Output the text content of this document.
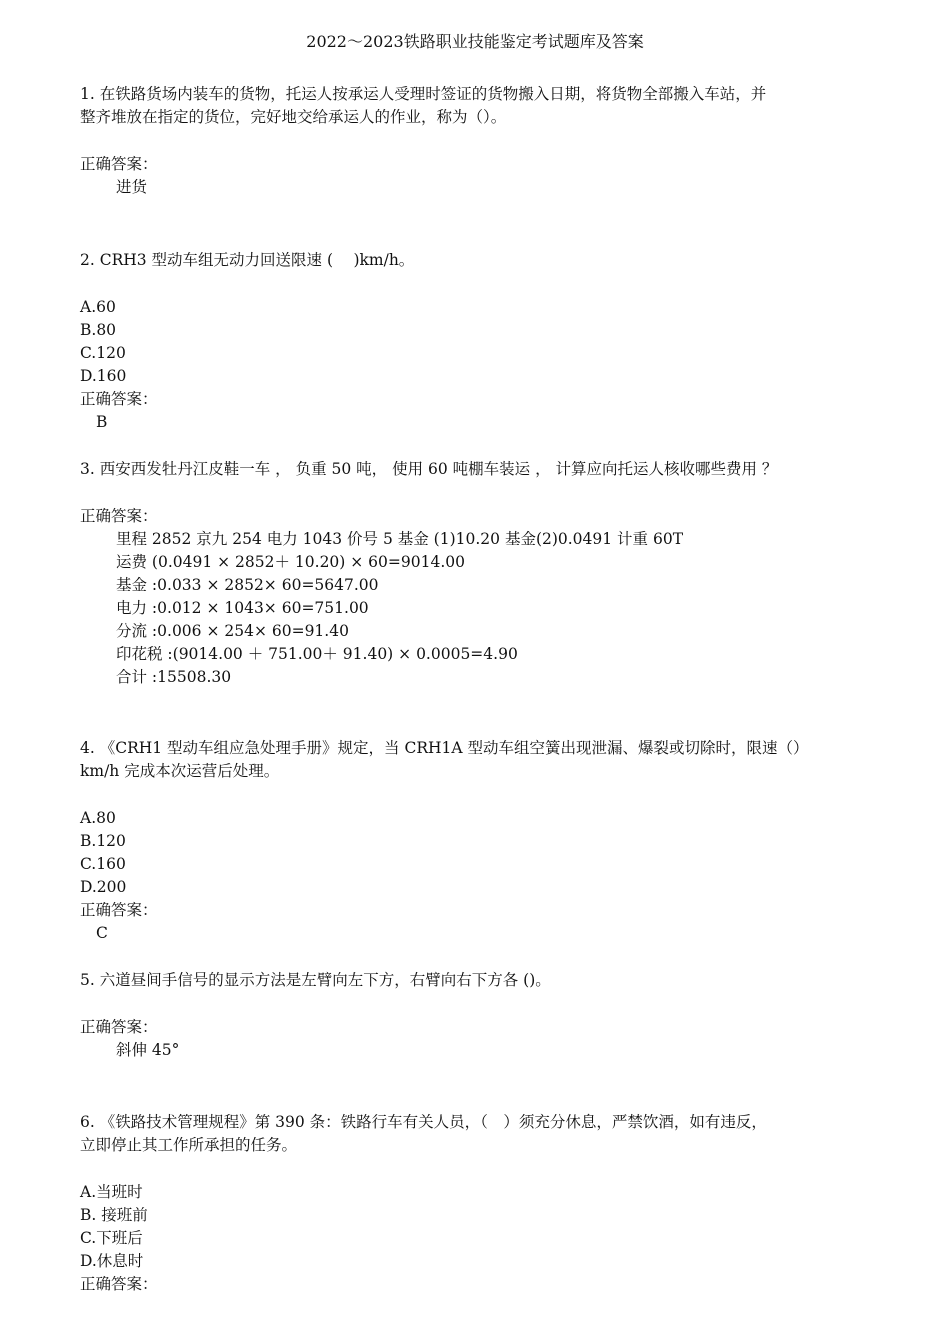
2022～2023铁路职业技能鉴定考试题库及答案
1. 在铁路货场内装车的货物，托运人按承运人受理时签证的货物搬入日期，将货物全部搬入车站，并
整齐堆放在指定的货位，完好地交给承运人的作业，称为（）。
正确答案：
进货
2. CRH3 型动车组无动力回送限速 (　 )km/h。
A.60
B.80
C.120
D.160
正确答案：
B
3. 西安西发牡丹江皮鞋一车 ， 负重 50 吨， 使用 60 吨棚车装运 ， 计算应向托运人核收哪些费用 ？
正确答案：
里程 2852 京九 254 电力 1043 价号 5 基金 (1)10.20 基金(2)0.0491 计重 60T
运费 (0.0491 × 2852＋ 10.20) × 60=9014.00
基金 :0.033 × 2852× 60=5647.00
电力 :0.012 × 1043× 60=751.00
分流 :0.006 × 254× 60=91.40
印花税 :(9014.00 ＋ 751.00＋ 91.40) × 0.0005=4.90
合计 :15508.30
4. 《CRH1 型动车组应急处理手册》规定，当 CRH1A 型动车组空簧出现泄漏、爆裂或切除时，限速（）
km/h 完成本次运营后处理。
A.80
B.120
C.160
D.200
正确答案：
C
5. 六道昼间手信号的显示方法是左臂向左下方，右臂向右下方各 ()。
正确答案：
斜伸 45°
6. 《铁路技术管理规程》第 390 条：铁路行车有关人员，（　）须充分休息，严禁饮酒，如有违反，
立即停止其工作所承担的任务。
A.当班时
B. 接班前
C.下班后
D.休息时
正确答案：
